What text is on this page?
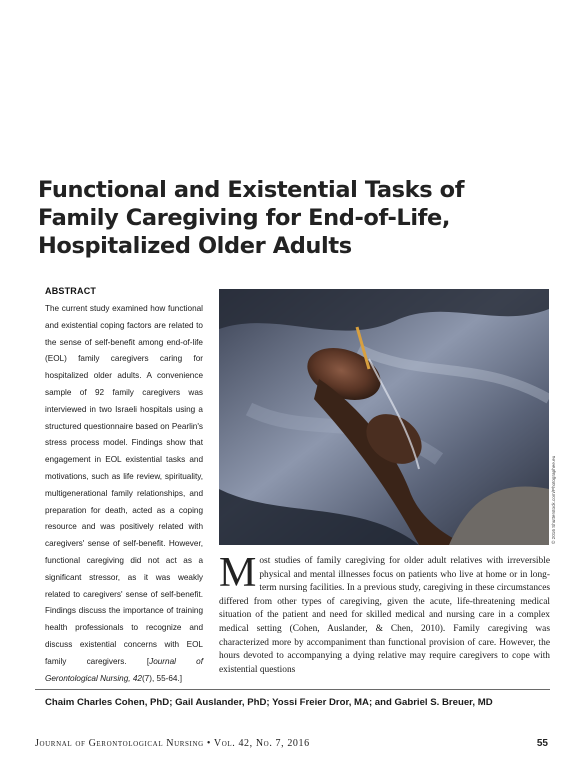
Functional and Existential Tasks of
Family Caregiving for End-of-Life,
Hospitalized Older Adults
ABSTRACT

The current study examined how functional and existential coping factors are related to the sense of self-benefit among end-of-life (EOL) family caregivers caring for hospitalized older adults. A convenience sample of 92 family caregivers was interviewed in two Israeli hospitals using a structured questionnaire based on Pearlin's stress process model. Findings show that engagement in EOL existential tasks and motivations, such as life review, spirituality, multigenerational family relationships, and preparation for death, acted as a coping resource and was positively related with caregivers' sense of self-benefit. However, functional caregiving did not act as a significant stressor, as it was weakly related to caregivers' sense of self-benefit. Findings discuss the importance of training health professionals to recognize and discuss existential concerns with EOL family caregivers. [Journal of Gerontological Nursing, 42(7), 55-64.]

© 2016 Shutterstock.com/Photographee.eu

Most studies of family caregiving for older adult relatives with irreversible physical and mental illnesses focus on patients who live at home or in long-term nursing facilities. In a previous study, caregiving in these circumstances differed from other types of caregiving, given the acute, life-threatening medical situation of the patient and need for skilled medical and nursing care in a complex medical setting (Cohen, Auslander, & Chen, 2010). Family caregiving was characterized more by accompaniment than functional provision of care. However, the hours devoted to accompanying a dying relative may require caregivers to cope with existential questions

Chaim Charles Cohen, PhD; Gail Auslander, PhD; Yossi Freier Dror, MA; and Gabriel S. Breuer, MD
Journal of Gerontological Nursing • Vol. 42, No. 7, 2016	55
